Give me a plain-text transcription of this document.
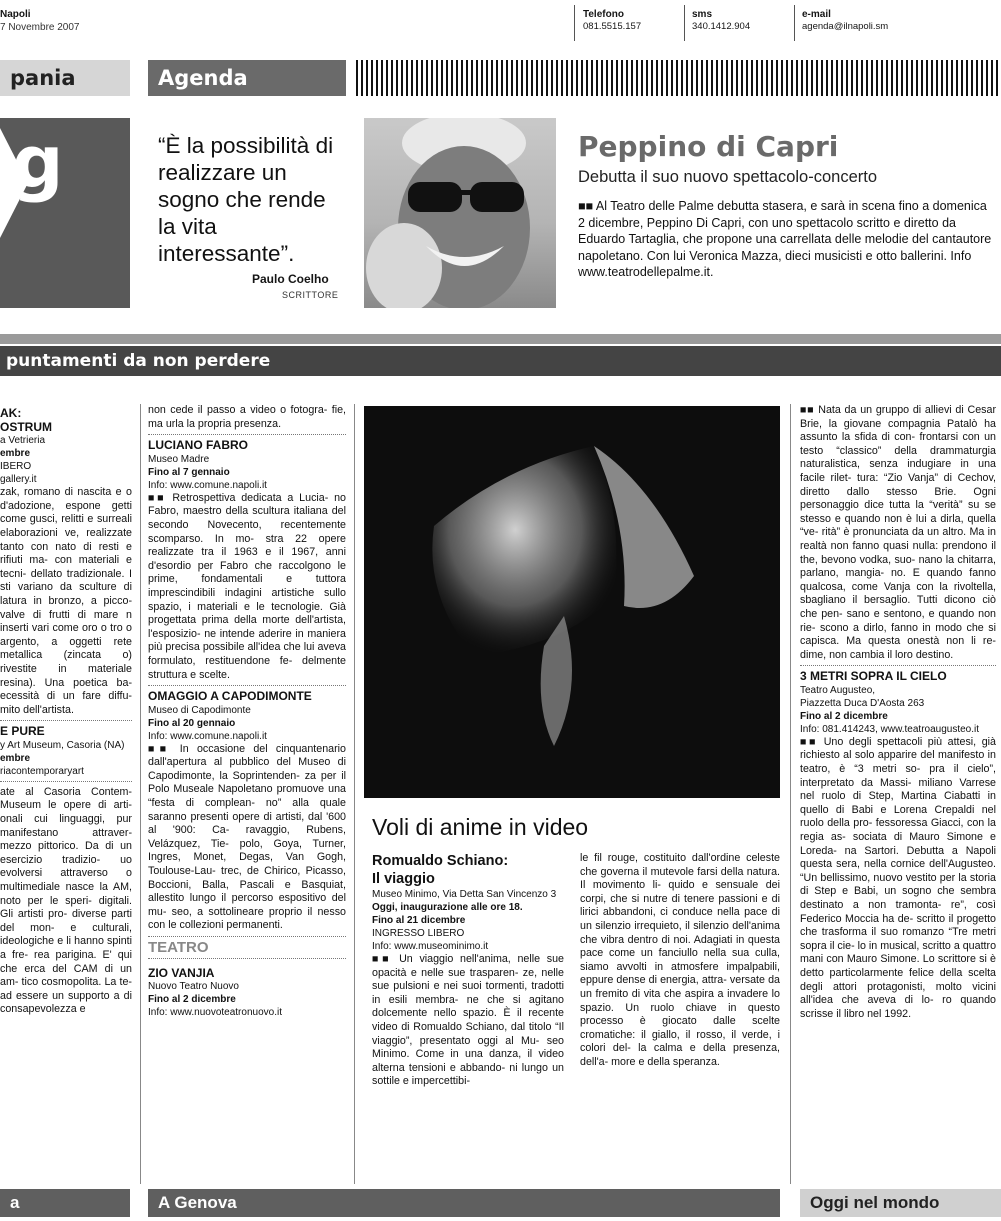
Napoli
7 Novembre 2007
Telefono
081.5515.157
sms
340.1412.904
e-mail
agenda@ilnapoli.sm
pania	Agenda
g	“È la possibilità di realizzare un sogno che rende la vita interessante”.
Paulo Coelho
SCRITTORE
Peppino di Capri
Debutta il suo nuovo spettacolo-concerto
■■ Al Teatro delle Palme debutta stasera, e sarà in scena fino a domenica 2 dicembre, Peppino Di Capri, con uno spettacolo scritto e diretto da Eduardo Tartaglia, che propone una carrellata delle melodie del cantautore napoletano. Con lui Veronica Mazza, dieci musicisti e otto ballerini. Info www.teatrodellepalme.it.
puntamenti da non perdere
AK:
OSTRUM
a Vetrieria
embre
IBERO
gallery.it

zak, romano di nascita e o d'adozione, espone getti come gusci, relitti e surreali elaborazioni ve, realizzate tanto con nato di resti e rifiuti ma- con materiali e tecni- dellato tradizionale. I sti variano da sculture di latura in bronzo, a picco- valve di frutti di mare n inserti vari come oro o tro o argento, a oggetti rete metallica (zincata o) rivestite in materiale resina). Una poetica ba- ecessità di un fare diffu- mito dell'artista.

E PURE
y Art Museum, Casoria (NA)
embre
riacontemporaryart

ate al Casoria Contem- Museum le opere di arti- onali cui linguaggi, pur manifestano attraver- mezzo pittorico. Da di un esercizio tradizio- uo evolversi attraverso o multimediale nasce la AM, noto per le speri- digitali. Gli artisti pro- diverse parti del mon- e culturali, ideologiche e li hanno spinti a fre- rea parigina. E' qui che erca del CAM di un am- tico cosmopolita. La te- ad essere un supporto a di consapevolezza e

non cede il passo a video o fotogra- fie, ma urla la propria presenza.

LUCIANO FABRO
Museo Madre
Fino al 7 gennaio
Info: www.comune.napoli.it

■■ Retrospettiva dedicata a Lucia- no Fabro, maestro della scultura italiana del secondo Novecento, recentemente scomparso. In mo- stra 22 opere realizzate tra il 1963 e il 1967, anni d'esordio per Fabro che raccolgono le prime, fondamentali e tuttora imprescindibili indagini artistiche sullo spazio, i materiali e le tecnologie. Già progettata prima della morte dell'artista, l'esposizio- ne intende aderire in maniera più precisa possibile all'idea che lui aveva formulato, restituendone fe- delmente struttura e scelte.

OMAGGIO A CAPODIMONTE
Museo di Capodimonte
Fino al 20 gennaio
Info: www.comune.napoli.it

■■ In occasione del cinquantenario dall'apertura al pubblico del Museo di Capodimonte, la Soprintenden- za per il Polo Museale Napoletano promuove una “festa di complean- no” alla quale saranno presenti opere di artisti, dal '600 al '900: Ca- ravaggio, Rubens, Velázquez, Tie- polo, Goya, Turner, Ingres, Monet, Degas, Van Gogh, Toulouse-Lau- trec, de Chirico, Picasso, Boccioni, Balla, Pascali e Basquiat, allestito lungo il percorso espositivo del mu- seo, a sottolineare proprio il nesso con le collezioni permanenti.

TEATRO
ZIO VANJIA
Nuovo Teatro Nuovo
Fino al 2 dicembre
Info: www.nuovoteatronuovo.it
Voli di anime in video
Romualdo Schiano:
Il viaggio
Museo Minimo, Via Detta San Vincenzo 3
Oggi, inaugurazione alle ore 18.
Fino al 21 dicembre
INGRESSO LIBERO
Info: www.museominimo.it

■■ Un viaggio nell'anima, nelle sue opacità e nelle sue trasparen- ze, nelle sue pulsioni e nei suoi tormenti, tradotti in esili membra- ne che si agitano dolcemente nello spazio. È il recente video di Romualdo Schiano, dal titolo “Il viaggio”, presentato oggi al Mu- seo Minimo. Come in una danza, il video alterna tensioni e abbando- ni lungo un sottile e impercettibi-

le fil rouge, costituito dall'ordine celeste che governa il mutevole farsi della natura. Il movimento li- quido e sensuale dei corpi, che si nutre di tenere passioni e di lirici abbandoni, ci conduce nella pace di un silenzio irrequieto, il silenzio dell'anima che vibra dentro di noi. Adagiati in questa pace come un fanciullo nella sua culla, siamo avvolti in atmosfere impalpabili, eppure dense di energia, attra- versate da un fremito di vita che aspira a invadere lo spazio. Un ruolo chiave in questo processo è giocato dalle scelte cromatiche: il giallo, il rosso, il verde, i colori del- la calma e della presenza, dell'a- more e della speranza.

■■ Nata da un gruppo di allievi di Cesar Brie, la giovane compagnia Patalò ha assunto la sfida di con- frontarsi con un testo “classico” della drammaturgia naturalistica, senza indugiare in una facile rilet- tura: “Zio Vanja” di Cechov, diretto dallo stesso Brie. Ogni personaggio dice tutta la “verità” su se stesso e quando non è lui a dirla, quella “ve- rità” è pronunciata da un altro. Ma in realtà non fanno quasi nulla: prendono il the, bevono vodka, suo- nano la chitarra, parlano, mangia- no. E quando fanno qualcosa, come Vanja con la rivoltella, sbagliano il bersaglio. Tutti dicono ciò che pen- sano e sentono, e quando non rie- scono a dirlo, fanno in modo che si capisca. Ma questa onestà non li re- dime, non cambia il loro destino.

3 METRI SOPRA IL CIELO
Teatro Augusteo,
Piazzetta Duca D'Aosta 263
Fino al 2 dicembre
Info: 081.414243, www.teatroaugusteo.it

■■ Uno degli spettacoli più attesi, già richiesto al solo apparire del manifesto in teatro, è “3 metri so- pra il cielo”, interpretato da Massi- miliano Varrese nel ruolo di Step, Martina Ciabatti in quello di Babi e Lorena Crepaldi nel ruolo della pro- fessoressa Giacci, con la regia as- sociata di Mauro Simone e Loreda- na Sartori. Debutta a Napoli questa sera, nella cornice dell'Augusteo. “Un bellissimo, nuovo vestito per la storia di Step e Babi, un sogno che sembra destinato a non tramonta- re”, così Federico Moccia ha de- scritto il progetto che trasforma il suo romanzo “Tre metri sopra il cie- lo in musical, scritto a quattro mani con Mauro Simone. Lo scrittore si è detto particolarmente felice della scelta degli attori protagonisti, molto vicini all'idea che aveva di lo- ro quando scrisse il libro nel 1992.

a	A Genova	Oggi nel mondo
